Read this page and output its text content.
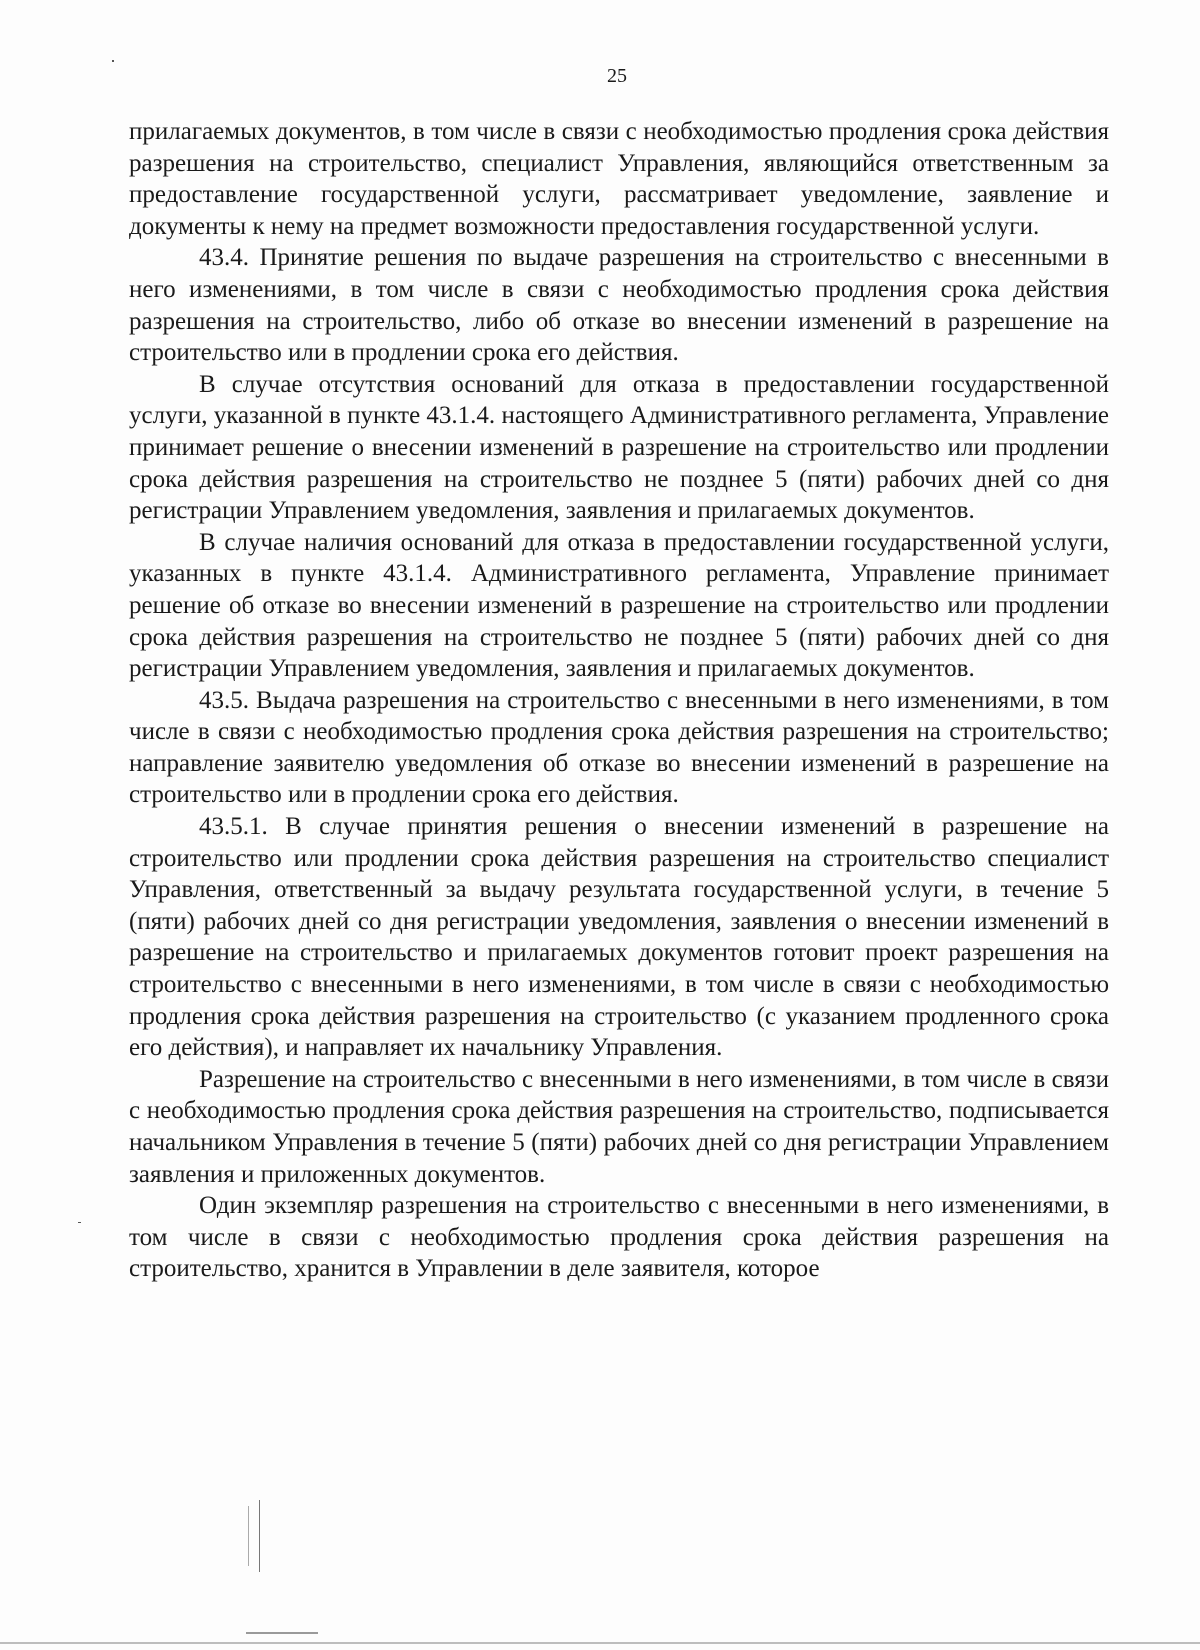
25

прилагаемых документов, в том числе в связи с необходимостью продления срока действия разрешения на строительство, специалист Управления, являющийся ответственным за предоставление государственной услуги, рассматривает уведомление, заявление и документы к нему на предмет возможности предоставления государственной услуги.

43.4. Принятие решения по выдаче разрешения на строительство с внесенными в него изменениями, в том числе в связи с необходимостью продления срока действия разрешения на строительство, либо об отказе во внесении изменений в разрешение на строительство или в продлении срока его действия.

В случае отсутствия оснований для отказа в предоставлении государственной услуги, указанной в пункте 43.1.4. настоящего Административного регламента, Управление принимает решение о внесении изменений в разрешение на строительство или продлении срока действия разрешения на строительство не позднее 5 (пяти) рабочих дней со дня регистрации Управлением уведомления, заявления и прилагаемых документов.

В случае наличия оснований для отказа в предоставлении государственной услуги, указанных в пункте 43.1.4. Административного регламента, Управление принимает решение об отказе во внесении изменений в разрешение на строительство или продлении срока действия разрешения на строительство не позднее 5 (пяти) рабочих дней со дня регистрации Управлением уведомления, заявления и прилагаемых документов.

43.5. Выдача разрешения на строительство с внесенными в него изменениями, в том числе в связи с необходимостью продления срока действия разрешения на строительство; направление заявителю уведомления об отказе во внесении изменений в разрешение на строительство или в продлении срока его действия.

43.5.1. В случае принятия решения о внесении изменений в разрешение на строительство или продлении срока действия разрешения на строительство специалист Управления, ответственный за выдачу результата государственной услуги, в течение 5 (пяти) рабочих дней со дня регистрации уведомления, заявления о внесении изменений в разрешение на строительство и прилагаемых документов готовит проект разрешения на строительство с внесенными в него изменениями, в том числе в связи с необходимостью продления срока действия разрешения на строительство (с указанием продленного срока его действия), и направляет их начальнику Управления.

Разрешение на строительство с внесенными в него изменениями, в том числе в связи с необходимостью продления срока действия разрешения на строительство, подписывается начальником Управления в течение 5 (пяти) рабочих дней со дня регистрации Управлением заявления и приложенных документов.

Один экземпляр разрешения на строительство с внесенными в него изменениями, в том числе в связи с необходимостью продления срока действия разрешения на строительство, хранится в Управлении в деле заявителя, которое
